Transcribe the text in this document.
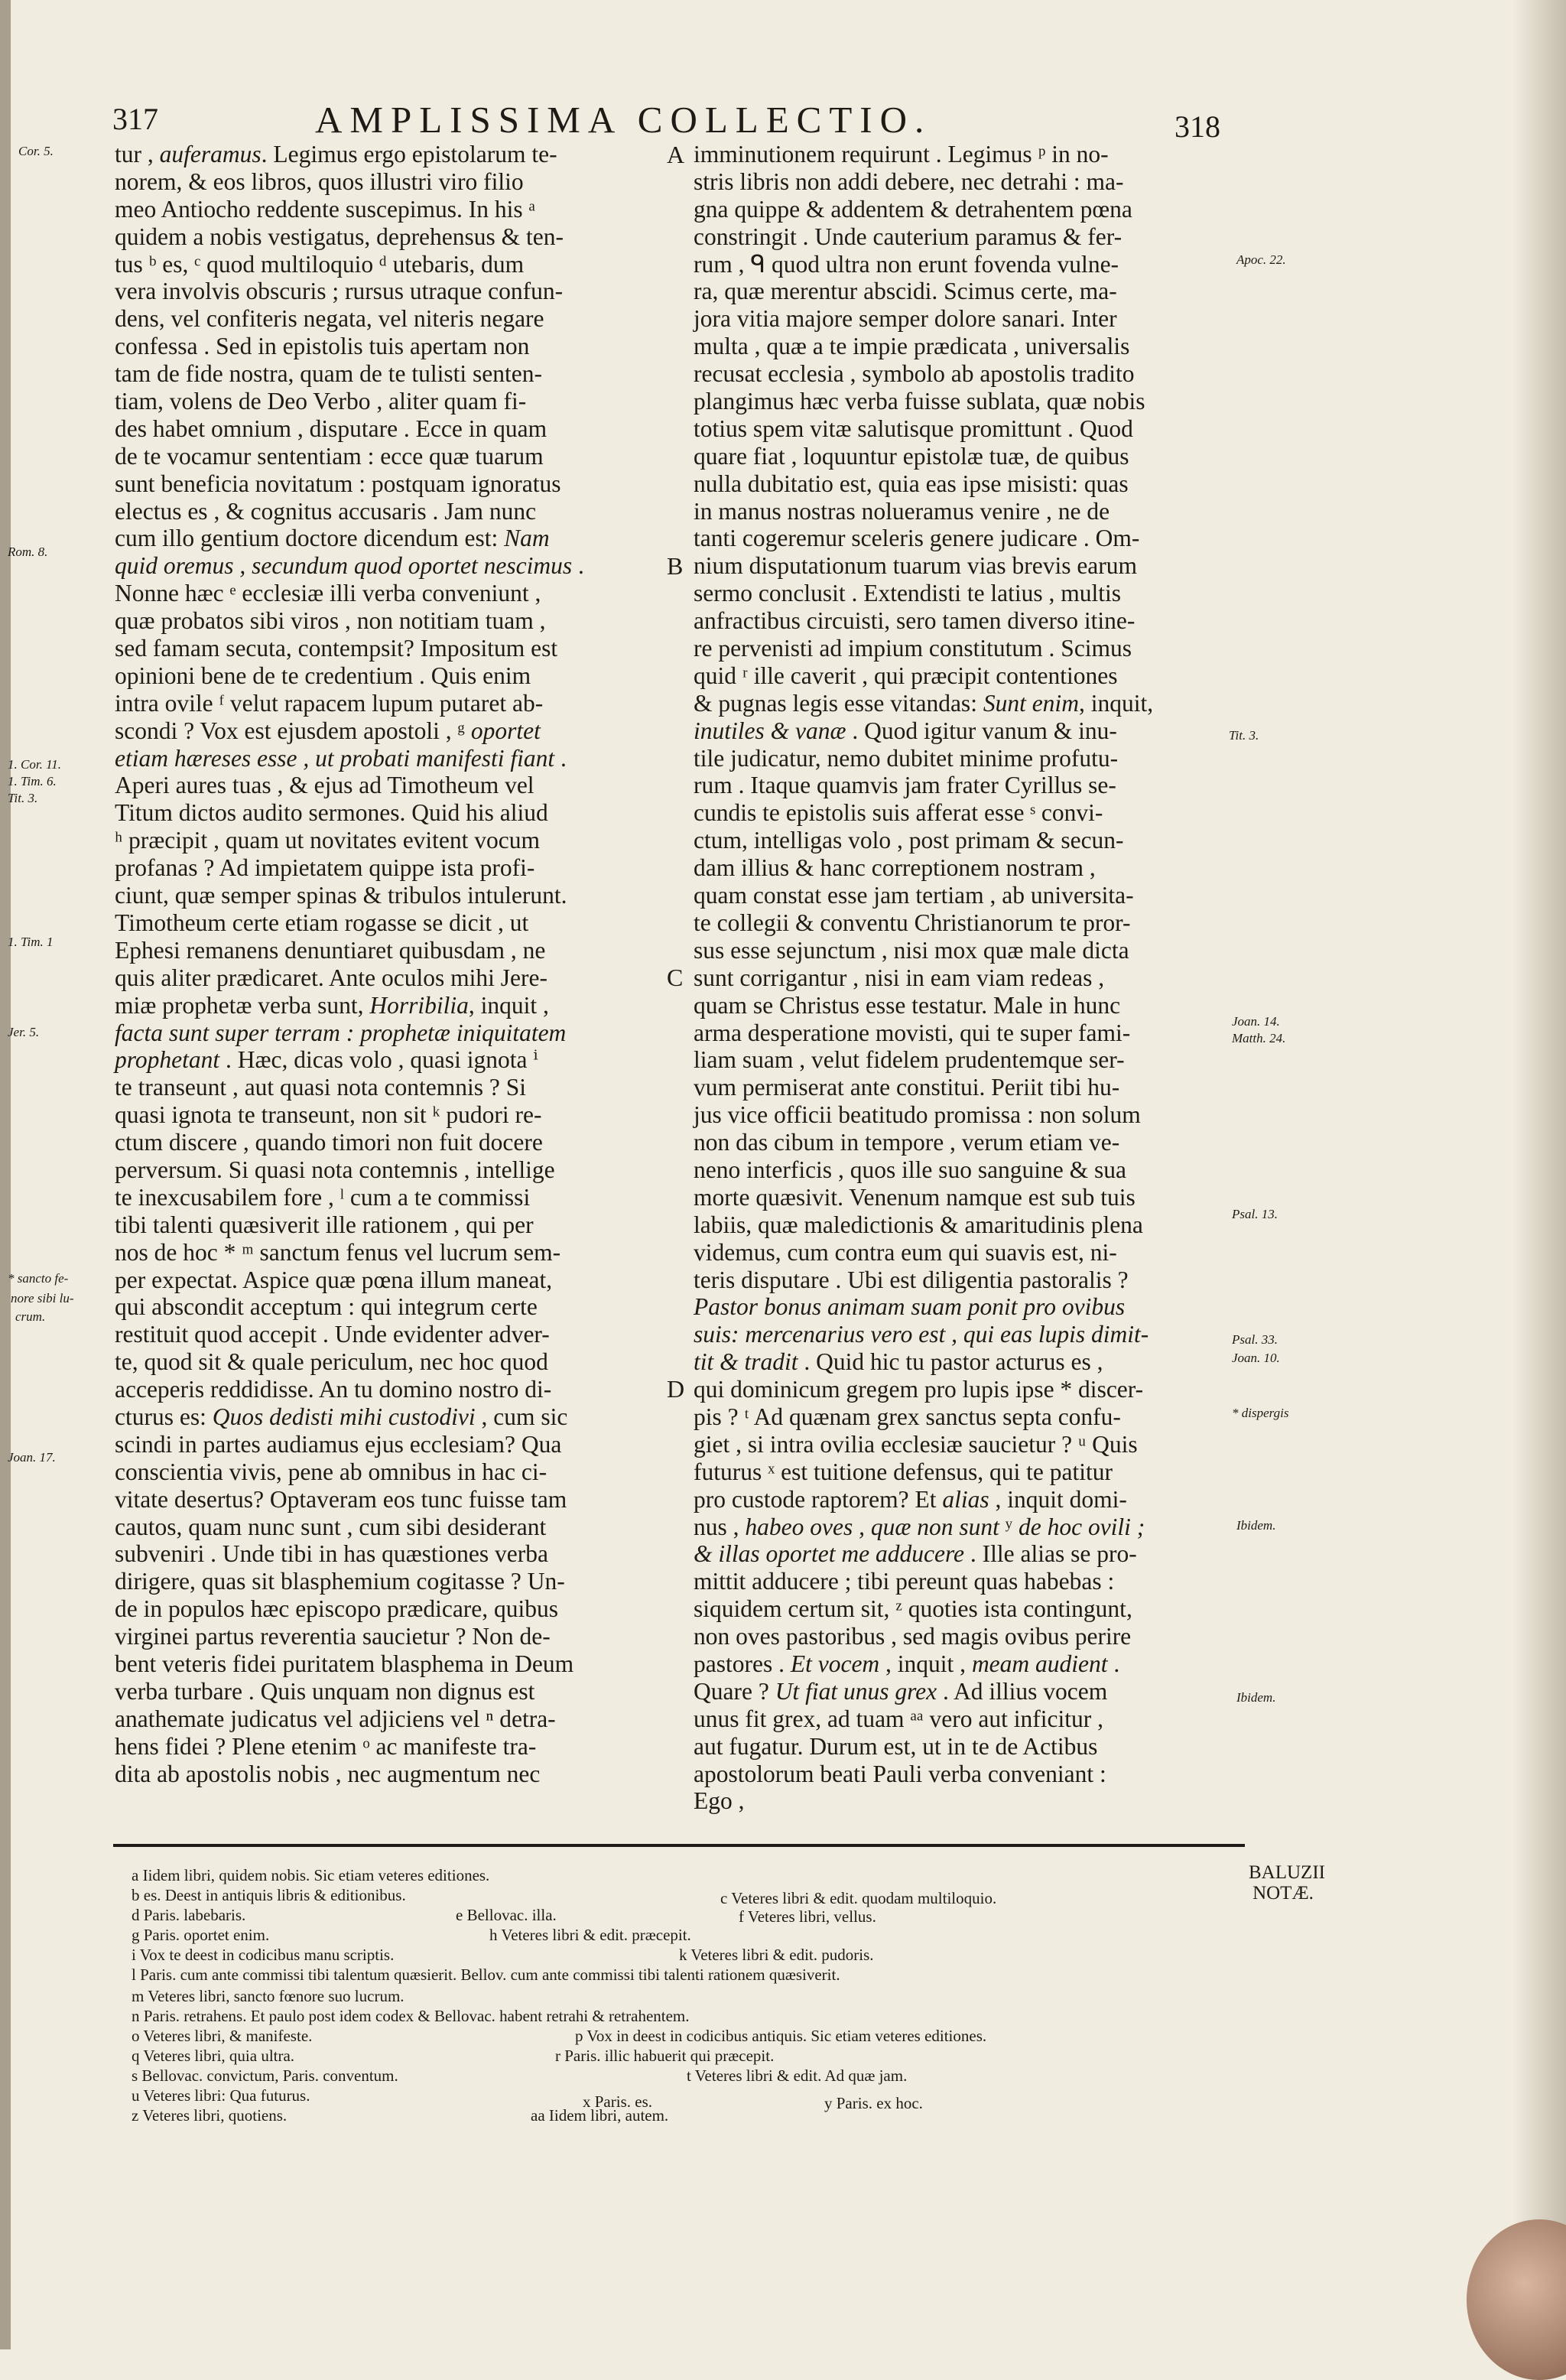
317	AMPLISSIMA COLLECTIO.	318
tur , auferamus. Legimus ergo epistolarum te-
norem, & eos libros, quos illustri viro filio
meo Antiocho reddente suscepimus. In his ᵃ
quidem a nobis vestigatus, deprehensus & ten-
tus ᵇ es, ᶜ quod multiloquio ᵈ utebaris, dum
vera involvis obscuris ; rursus utraque confun-
dens, vel confiteris negata, vel niteris negare
confessa . Sed in epistolis tuis apertam non
tam de fide nostra, quam de te tulisti senten-
tiam, volens de Deo Verbo , aliter quam fi-
des habet omnium , disputare . Ecce in quam
de te vocamur sententiam : ecce quæ tuarum
sunt beneficia novitatum : postquam ignoratus
electus es , & cognitus accusaris . Jam nunc
cum illo gentium doctore dicendum est: Nam
quid oremus , secundum quod oportet nescimus .
Nonne hæc ᵉ ecclesiæ illi verba conveniunt ,
quæ probatos sibi viros , non notitiam tuam ,
sed famam secuta, contempsit? Impositum est
opinioni bene de te credentium . Quis enim
intra ovile ᶠ velut rapacem lupum putaret ab-
scondi ? Vox est ejusdem apostoli , ᵍ oportet
etiam hæreses esse , ut probati manifesti fiant .
Aperi aures tuas , & ejus ad Timotheum vel
Titum dictos audito sermones. Quid his aliud
ʰ præcipit , quam ut novitates evitent vocum
profanas ? Ad impietatem quippe ista profi-
ciunt, quæ semper spinas & tribulos intulerunt.
Timotheum certe etiam rogasse se dicit , ut
Ephesi remanens denuntiaret quibusdam , ne
quis aliter prædicaret. Ante oculos mihi Jere-
miæ prophetæ verba sunt, Horribilia, inquit ,
facta sunt super terram : prophetæ iniquitatem
prophetant . Hæc, dicas volo , quasi ignota ⁱ
te transeunt , aut quasi nota contemnis ? Si
quasi ignota te transeunt, non sit ᵏ pudori re-
ctum discere , quando timori non fuit docere
perversum. Si quasi nota contemnis , intellige
te inexcusabilem fore , ˡ cum a te commissi
tibi talenti quæsiverit ille rationem , qui per
nos de hoc * ᵐ sanctum fenus vel lucrum sem-
per expectat. Aspice quæ pœna illum maneat,
qui abscondit acceptum : qui integrum certe
restituit quod accepit . Unde evidenter adver-
te, quod sit & quale periculum, nec hoc quod
acceperis reddidisse. An tu domino nostro di-
cturus es: Quos dedisti mihi custodivi , cum sic
scindi in partes audiamus ejus ecclesiam? Qua
conscientia vivis, pene ab omnibus in hac ci-
vitate desertus? Optaveram eos tunc fuisse tam
cautos, quam nunc sunt , cum sibi desiderant
subveniri . Unde tibi in has quæstiones verba
dirigere, quas sit blasphemium cogitasse ? Un-
de in populos hæc episcopo prædicare, quibus
virginei partus reverentia saucietur ? Non de-
bent veteris fidei puritatem blasphema in Deum
verba turbare . Quis unquam non dignus est
anathemate judicatus vel adjiciens vel ⁿ detra-
hens fidei ? Plene etenim ᵒ ac manifeste tra-
dita ab apostolis nobis , nec augmentum nec
imminutionem requirunt . Legimus ᵖ in no-
stris libris non addi debere, nec detrahi : ma-
gna quippe & addentem & detrahentem pœna
constringit . Unde cauterium paramus & fer-
rum , ᑫ quod ultra non erunt fovenda vulne-
ra, quæ merentur abscidi. Scimus certe, ma-
jora vitia majore semper dolore sanari. Inter
multa , quæ a te impie prædicata , universalis
recusat ecclesia , symbolo ab apostolis tradito
plangimus hæc verba fuisse sublata, quæ nobis
totius spem vitæ salutisque promittunt . Quod
quare fiat , loquuntur epistolæ tuæ, de quibus
nulla dubitatio est, quia eas ipse misisti: quas
in manus nostras nolueramus venire , ne de
tanti cogeremur sceleris genere judicare . Om-
nium disputationum tuarum vias brevis earum
sermo conclusit . Extendisti te latius , multis
anfractibus circuisti, sero tamen diverso itine-
re pervenisti ad impium constitutum . Scimus
quid ʳ ille caverit , qui præcipit contentiones
& pugnas legis esse vitandas: Sunt enim, inquit,
inutiles & vanæ . Quod igitur vanum & inu-
tile judicatur, nemo dubitet minime profutu-
rum . Itaque quamvis jam frater Cyrillus se-
cundis te epistolis suis afferat esse ˢ convi-
ctum, intelligas volo , post primam & secun-
dam illius & hanc correptionem nostram ,
quam constat esse jam tertiam , ab universita-
te collegii & conventu Christianorum te pror-
sus esse sejunctum , nisi mox quæ male dicta
sunt corrigantur , nisi in eam viam redeas ,
quam se Christus esse testatur. Male in hunc
arma desperatione movisti, qui te super fami-
liam suam , velut fidelem prudentemque ser-
vum permiserat ante constitui. Periit tibi hu-
jus vice officii beatitudo promissa : non solum
non das cibum in tempore , verum etiam ve-
neno interficis , quos ille suo sanguine & sua
morte quæsivit. Venenum namque est sub tuis
labiis, quæ maledictionis & amaritudinis plena
videmus, cum contra eum qui suavis est, ni-
teris disputare . Ubi est diligentia pastoralis ?
Pastor bonus animam suam ponit pro ovibus
suis: mercenarius vero est , qui eas lupis dimit-
tit & tradit . Quid hic tu pastor acturus es ,
qui dominicum gregem pro lupis ipse * discer-
pis ? ᵗ Ad quænam grex sanctus septa confu-
giet , si intra ovilia ecclesiæ saucietur ? ᵘ Quis
futurus ˣ est tuitione defensus, qui te patitur
pro custode raptorem? Et alias , inquit domi-
nus , habeo oves , quæ non sunt ʸ de hoc ovili ;
& illas oportet me adducere . Ille alias se pro-
mittit adducere ; tibi pereunt quas habebas :
siquidem certum sit, ᶻ quoties ista contingunt,
non oves pastoribus , sed magis ovibus perire
pastores . Et vocem , inquit , meam audient .
Quare ? Ut fiat unus grex . Ad illius vocem
unus fit grex, ad tuam ᵃᵃ vero aut inficitur ,
aut fugatur. Durum est, ut in te de Actibus
apostolorum beati Pauli verba conveniant :
Ego ,
A
B
C
D
Cor. 5.
Rom. 8.
1. Cor. 11.
1. Tim. 6.
Tit. 3.
1. Tim. 1
Jer. 5.
* sancto fe-
nore sibi lu-
crum.
Joan. 17.
Apoc. 22.
Tit. 3.
Joan. 14.
Matth. 24.
Psal. 13.
Psal. 33.
Joan. 10.
* dispergis
Ibidem.
Ibidem.
BALUZII
NOTÆ.
a Iidem libri, quidem nobis. Sic etiam veteres editiones.
b es. Deest in antiquis libris & editionibus.	c Veteres libri & edit. quodam multiloquio.
d Paris. labebaris.	e Bellovac. illa.	f Veteres libri, vellus.
g Paris. oportet enim.	h Veteres libri & edit. præcepit.
i Vox te deest in codicibus manu scriptis.	k Veteres libri & edit. pudoris.
l Paris. cum ante commissi tibi talentum quæsierit. Bellov. cum ante commissi tibi talenti rationem quæsiverit.
m Veteres libri, sancto fœnore suo lucrum.
n Paris. retrahens. Et paulo post idem codex & Bellovac. habent retrahi & retrahentem.
o Veteres libri, & manifeste.	p Vox in deest in codicibus antiquis. Sic etiam veteres editiones.
q Veteres libri, quia ultra.	r Paris. illic habuerit qui præcepit.
s Bellovac. convictum, Paris. conventum.	t Veteres libri & edit. Ad quæ jam.
u Veteres libri: Qua futurus.	x Paris. es.	y Paris. ex hoc.
z Veteres libri, quotiens.	aa Iidem libri, autem.
